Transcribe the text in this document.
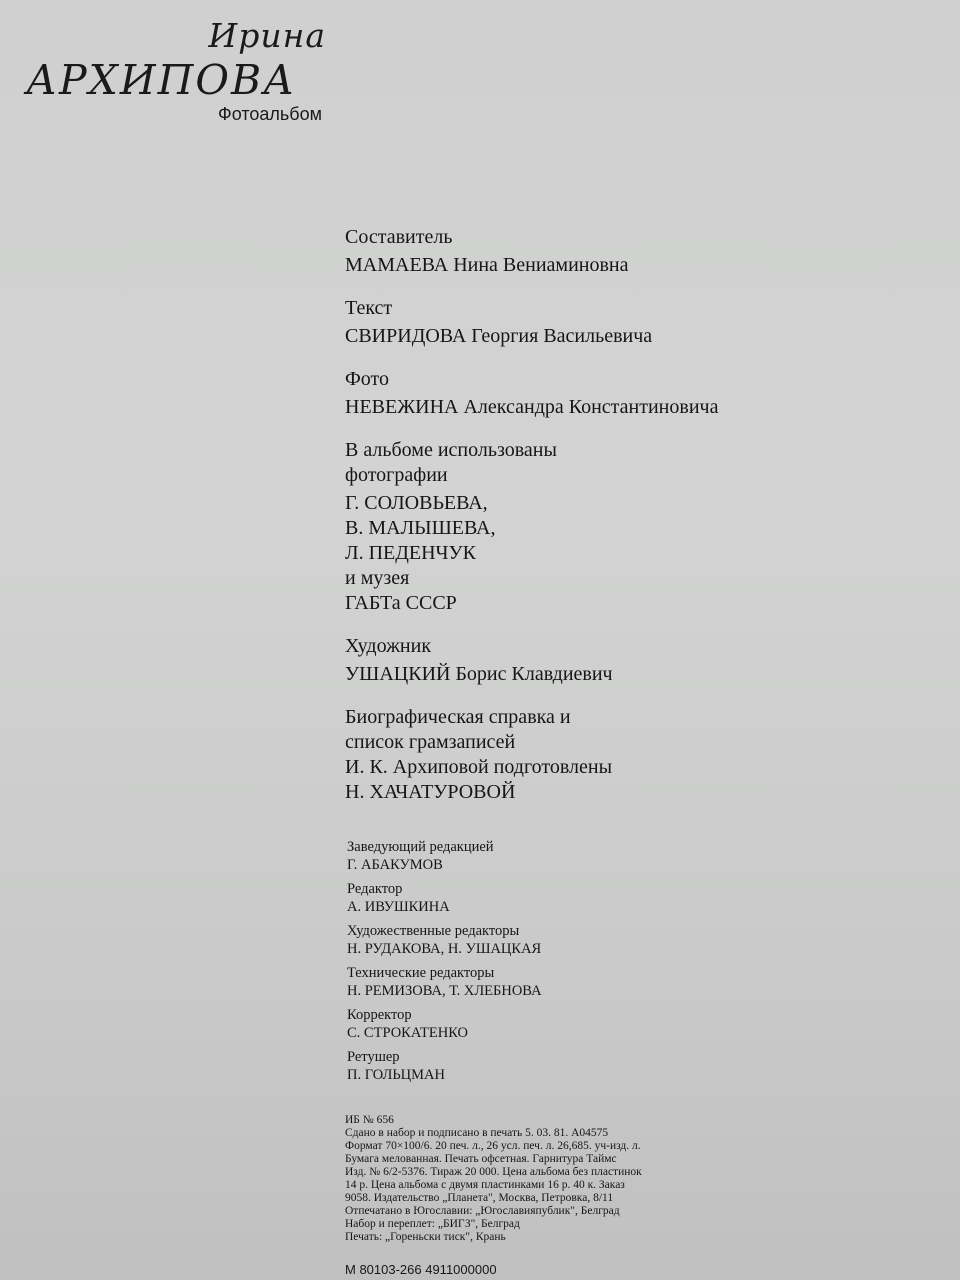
Ирина
АРХИПОВА
Фотоальбом
Составитель
МАМАЕВА Нина Вениаминовна
Текст
СВИРИДОВА Георгия Васильевича
Фото
НЕВЕЖИНА Александра Константиновича
В альбоме использованы
фотографии
Г. СОЛОВЬЕВА,
В. МАЛЫШЕВА,
Л. ПЕДЕНЧУК
и музея
ГАБТа СССР
Художник
УШАЦКИЙ Борис Клавдиевич
Биографическая справка и
список грамзаписей
И. К. Архиповой подготовлены
Н. ХАЧАТУРОВОЙ
Заведующий редакцией
Г. АБАКУМОВ
Редактор
А. ИВУШКИНА
Художественные редакторы
Н. РУДАКОВА, Н. УШАЦКАЯ
Технические редакторы
Н. РЕМИЗОВА, Т. ХЛЕБНОВА
Корректор
С. СТРОКАТЕНКО
Ретушер
П. ГОЛЬЦМАН
ИБ № 656
Сдано в набор и подписано в печать 5. 03. 81. А04575
Формат 70×100/6. 20 печ. л., 26 усл. печ. л. 26,685. уч-изд. л.
Бумага мелованная. Печать офсетная. Гарнитура Таймс
Изд. № 6/2-5376. Тираж 20 000. Цена альбома без пластинок
14 р. Цена альбома с двумя пластинками 16 р. 40 к. Заказ
9058. Издательство „Планета", Москва, Петровка, 8/11
Отпечатано в Югославии: „Югославияпублик", Белград
Набор и переплет: „БИГЗ", Белград
Печать: „Гореньски тиск", Крань
М 80103-266 4911000000
